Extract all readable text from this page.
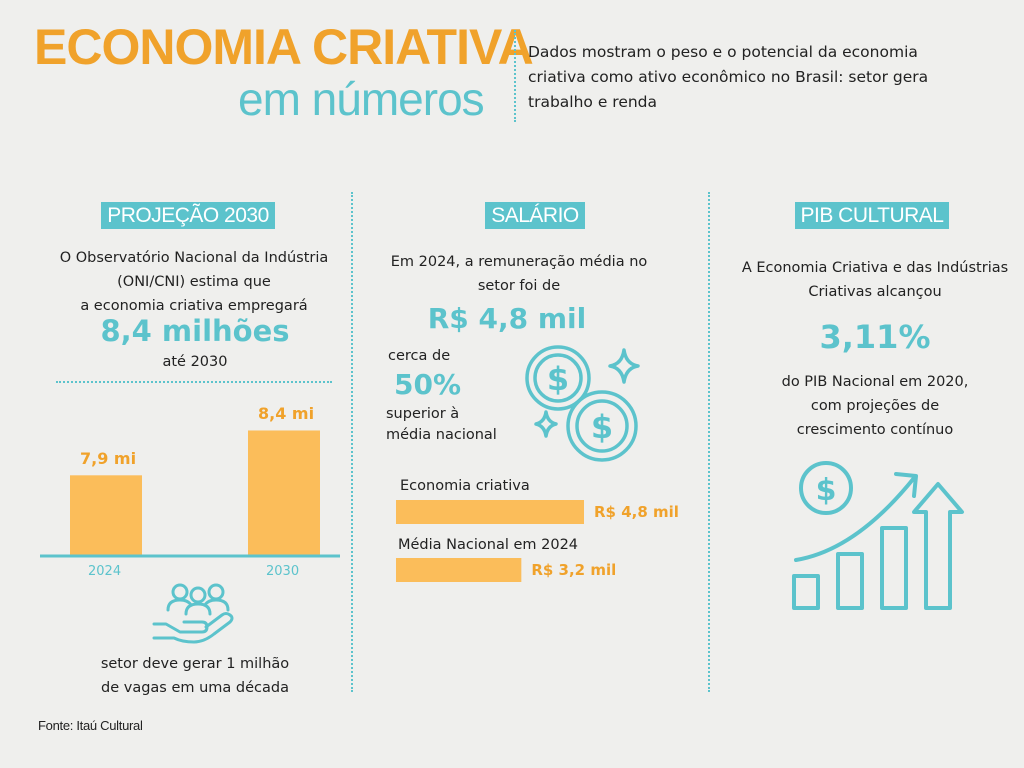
ECONOMIA CRIATIVA
em números
Dados mostram o peso e o potencial da economia criativa como ativo econômico no Brasil: setor gera trabalho e renda
PROJEÇÃO 2030
O Observatório Nacional da Indústria
(ONI/CNI) estima que
a economia criativa empregará
8,4 milhões
até 2030
7,9 mi
8,4 mi
2024	2030
setor deve gerar 1 milhão
de vagas em uma década
SALÁRIO
Em 2024, a remuneração média no
setor foi de
R$ 4,8 mil
cerca de
50%
superior à
média nacional
$
$
Economia criativa
Média Nacional em 2024
R$ 4,8 mil
R$ 3,2 mil
PIB CULTURAL
A Economia Criativa e das Indústrias
Criativas alcançou
3,11%
do PIB Nacional em 2020,
com projeções de
crescimento contínuo
$
Fonte: Itaú Cultural
